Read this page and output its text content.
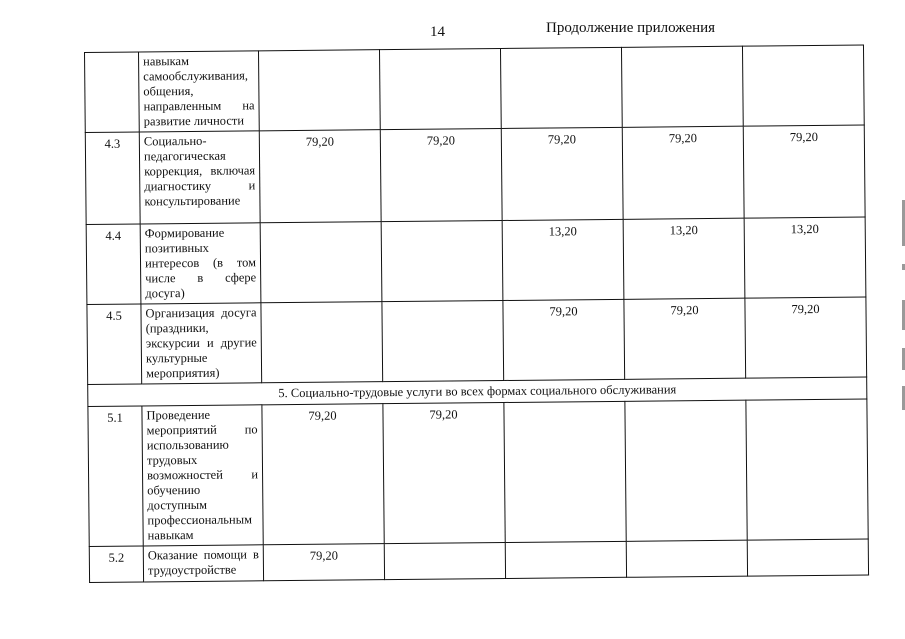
14	Продолжение приложения
	навыкам самообслуживания, общения, направленным на развитие личности					
4.3	Социально-педагогическая коррекция, включая диагностику и консультирование	79,20	79,20	79,20	79,20	79,20
4.4	Формирование позитивных интересов (в том числе в сфере досуга)			13,20	13,20	13,20
4.5	Организация досуга (праздники, экскурсии и другие культурные мероприятия)			79,20	79,20	79,20
5. Социально-трудовые услуги во всех формах социального обслуживания						
5.1	Проведение мероприятий по использованию трудовых возможностей и обучению доступным профессиональным навыкам	79,20	79,20			
5.2	Оказание помощи в трудоустройстве	79,20				
